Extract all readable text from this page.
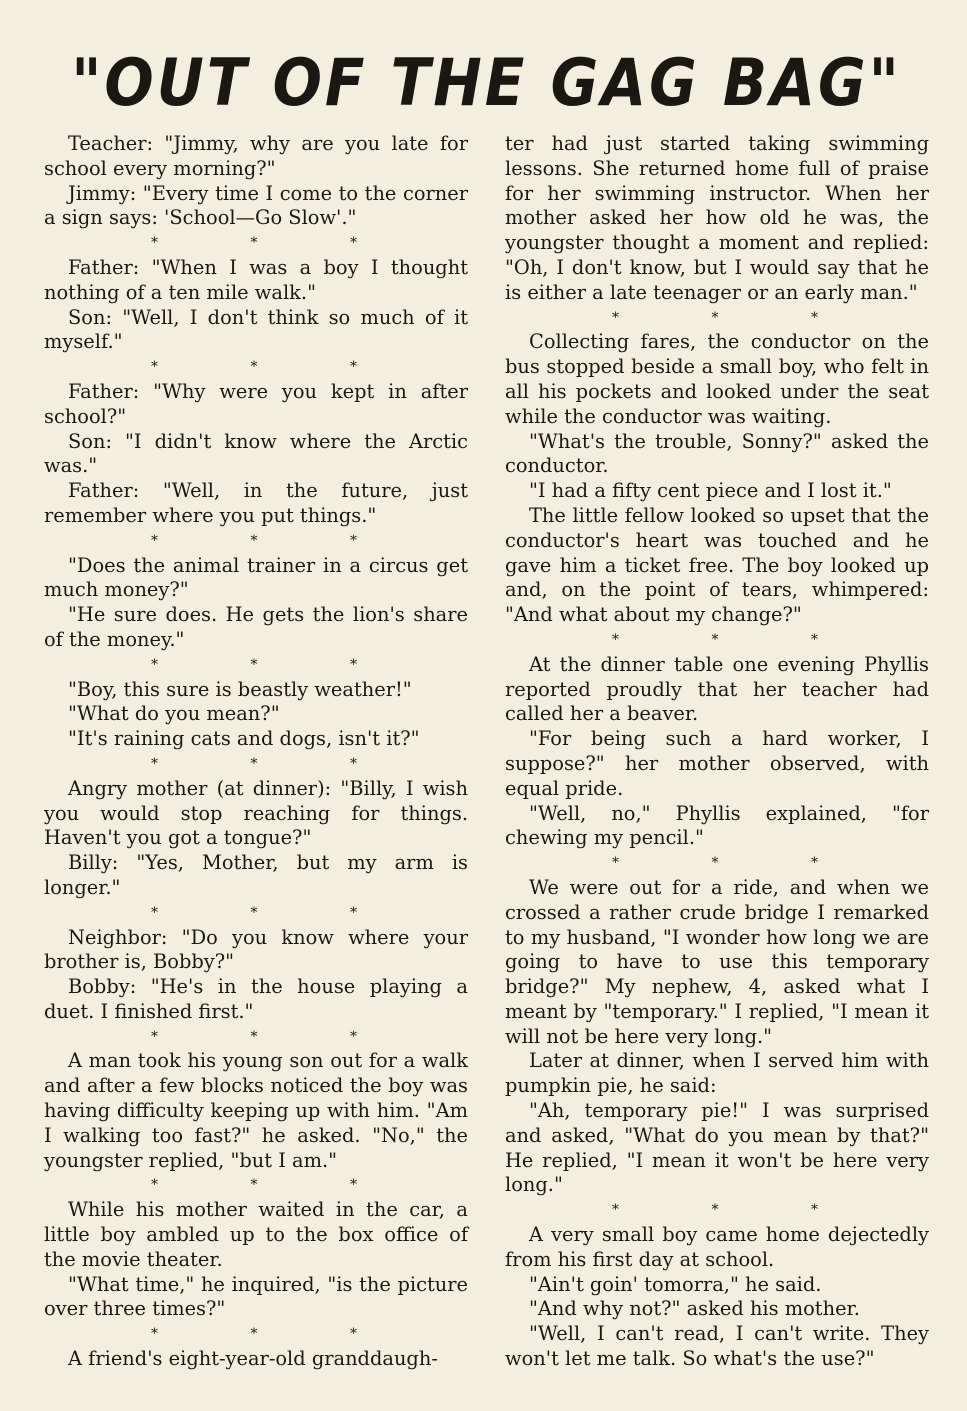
"OUT OF THE GAG BAG"

Teacher: "Jimmy, why are you late for school every morning?"

Jimmy: "Every time I come to the corner a sign says: 'School—Go Slow'."

* * *

Father: "When I was a boy I thought nothing of a ten mile walk."

Son: "Well, I don't think so much of it myself."

* * *

Father: "Why were you kept in after school?"

Son: "I didn't know where the Arctic was."

Father: "Well, in the future, just remember where you put things."

* * *

"Does the animal trainer in a circus get much money?"

"He sure does. He gets the lion's share of the money."

* * *

"Boy, this sure is beastly weather!"

"What do you mean?"

"It's raining cats and dogs, isn't it?"

* * *

Angry mother (at dinner): "Billy, I wish you would stop reaching for things. Haven't you got a tongue?"

Billy: "Yes, Mother, but my arm is longer."

* * *

Neighbor: "Do you know where your brother is, Bobby?"

Bobby: "He's in the house playing a duet. I finished first."

* * *

A man took his young son out for a walk and after a few blocks noticed the boy was having difficulty keeping up with him. "Am I walking too fast?" he asked. "No," the youngster replied, "but I am."

* * *

While his mother waited in the car, a little boy ambled up to the box office of the movie theater.

"What time," he inquired, "is the picture over three times?"

* * *

A friend's eight-year-old granddaugh-

ter had just started taking swimming lessons. She returned home full of praise for her swimming instructor. When her mother asked her how old he was, the youngster thought a moment and replied: "Oh, I don't know, but I would say that he is either a late teenager or an early man."

* * *

Collecting fares, the conductor on the bus stopped beside a small boy, who felt in all his pockets and looked under the seat while the conductor was waiting.

"What's the trouble, Sonny?" asked the conductor.

"I had a fifty cent piece and I lost it."

The little fellow looked so upset that the conductor's heart was touched and he gave him a ticket free. The boy looked up and, on the point of tears, whimpered: "And what about my change?"

* * *

At the dinner table one evening Phyllis reported proudly that her teacher had called her a beaver.

"For being such a hard worker, I suppose?" her mother observed, with equal pride.

"Well, no," Phyllis explained, "for chewing my pencil."

* * *

We were out for a ride, and when we crossed a rather crude bridge I remarked to my husband, "I wonder how long we are going to have to use this temporary bridge?" My nephew, 4, asked what I meant by "temporary." I replied, "I mean it will not be here very long."

Later at dinner, when I served him with pumpkin pie, he said:

"Ah, temporary pie!" I was surprised and asked, "What do you mean by that?" He replied, "I mean it won't be here very long."

* * *

A very small boy came home dejectedly from his first day at school.

"Ain't goin' tomorra," he said.

"And why not?" asked his mother.

"Well, I can't read, I can't write. They won't let me talk. So what's the use?"
